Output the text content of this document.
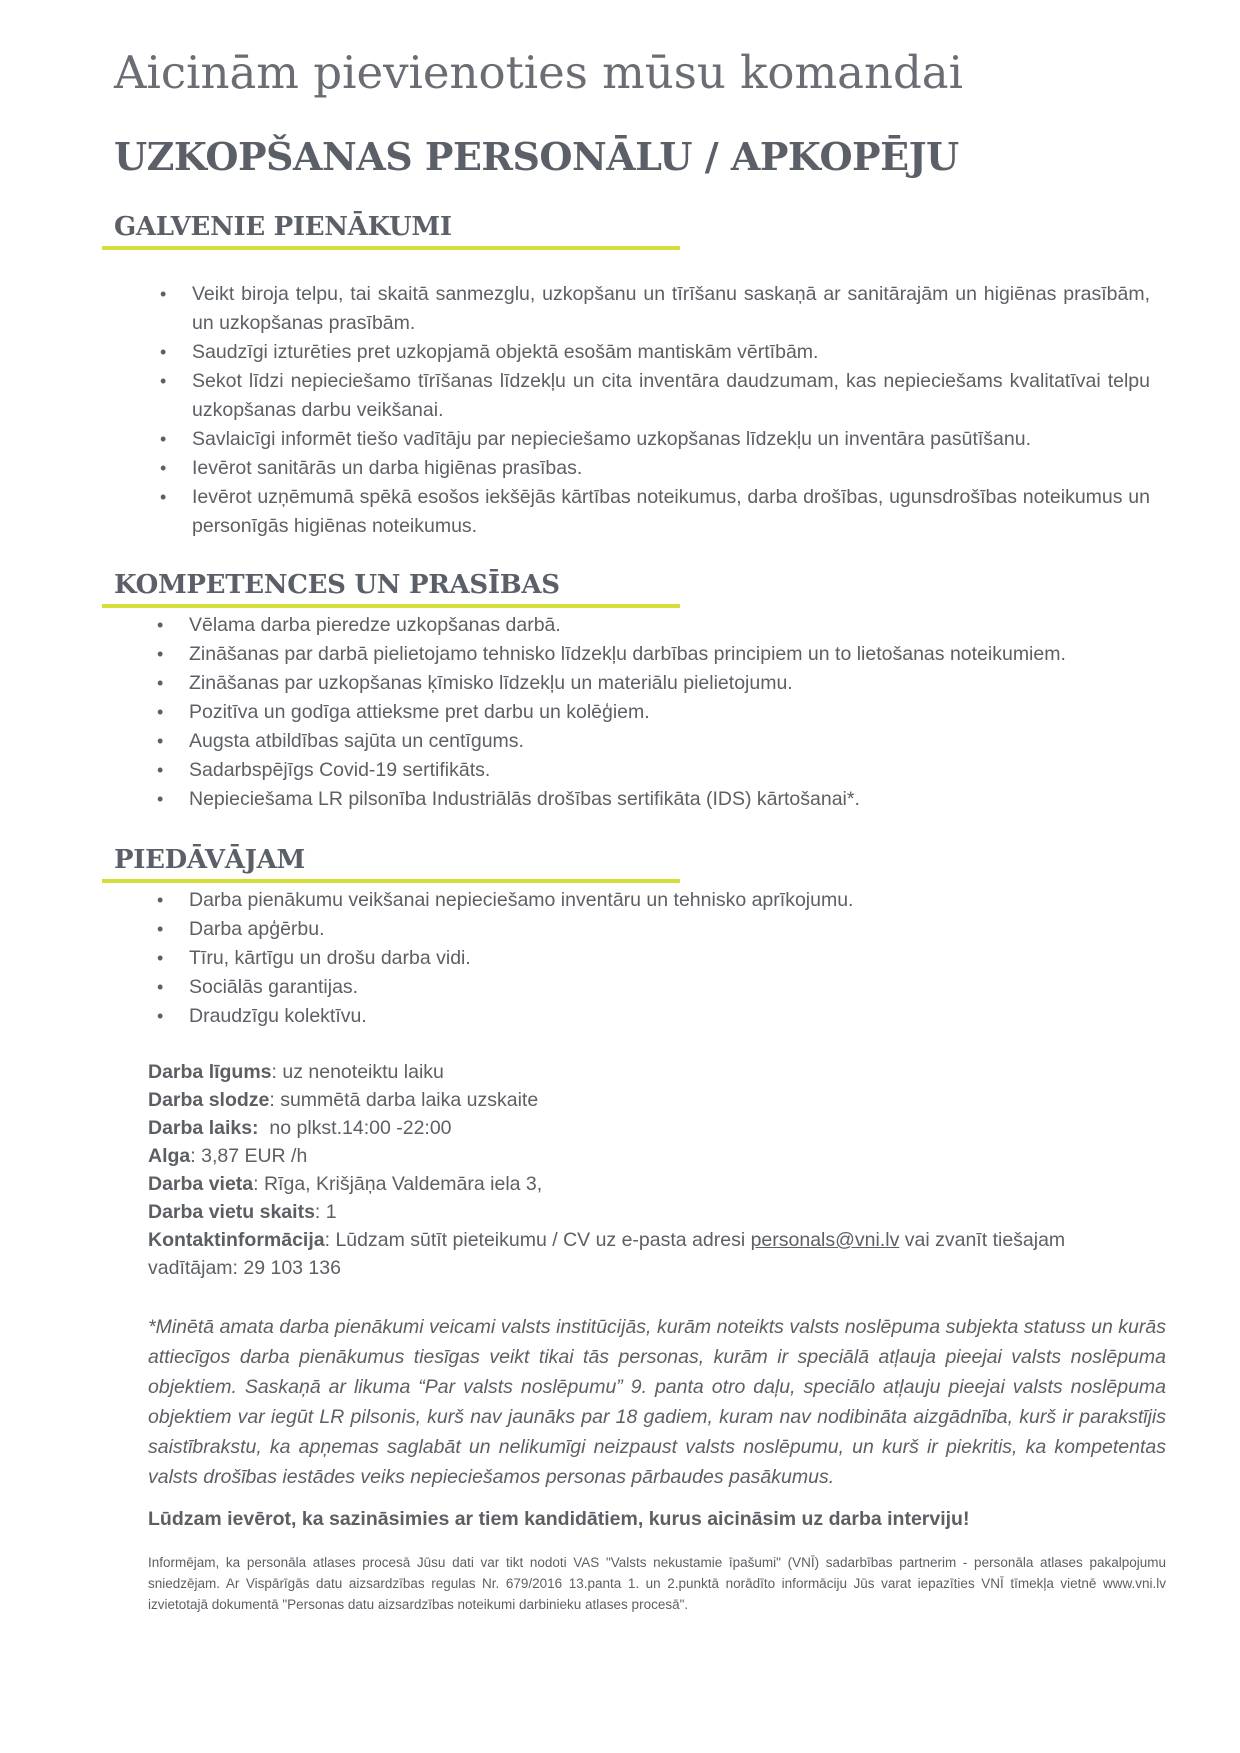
Aicinām pievienoties mūsu komandai
UZKOPŠANAS PERSONĀLU / APKOPĒJU
GALVENIE PIENĀKUMI
• Veikt biroja telpu, tai skaitā sanmezglu, uzkopšanu un tīrīšanu saskaņā ar sanitārajām un higiēnas prasībām, un uzkopšanas prasībām.
• Saudzīgi izturēties pret uzkopjamā objektā esošām mantiskām vērtībām.
• Sekot līdzi nepieciešamo tīrīšanas līdzekļu un cita inventāra daudzumam, kas nepieciešams kvalitatīvai telpu uzkopšanas darbu veikšanai.
• Savlaicīgi informēt tiešo vadītāju par nepieciešamo uzkopšanas līdzekļu un inventāra pasūtīšanu.
• Ievērot sanitārās un darba higiēnas prasības.
• Ievērot uzņēmumā spēkā esošos iekšējās kārtības noteikumus, darba drošības, ugunsdrošības noteikumus un personīgās higiēnas noteikumus.
KOMPETENCES UN PRASĪBAS
• Vēlama darba pieredze uzkopšanas darbā.
• Zināšanas par darbā pielietojamo tehnisko līdzekļu darbības principiem un to lietošanas noteikumiem.
• Zināšanas par uzkopšanas ķīmisko līdzekļu un materiālu pielietojumu.
• Pozitīva un godīga attieksme pret darbu un kolēģiem.
• Augsta atbildības sajūta un centīgums.
• Sadarbspējīgs Covid-19 sertifikāts.
• Nepieciešama LR pilsonība Industriālās drošības sertifikāta (IDS) kārtošanai*.
PIEDĀVĀJAM
• Darba pienākumu veikšanai nepieciešamo inventāru un tehnisko aprīkojumu.
• Darba apģērbu.
• Tīru, kārtīgu un drošu darba vidi.
• Sociālās garantijas.
• Draudzīgu kolektīvu.
Darba līgums: uz nenoteiktu laiku
Darba slodze: summētā darba laika uzskaite
Darba laiks:  no plkst.14:00 -22:00
Alga: 3,87 EUR /h
Darba vieta: Rīga, Krišjāņa Valdemāra iela 3,
Darba vietu skaits: 1
Kontaktinformācija: Lūdzam sūtīt pieteikumu / CV uz e-pasta adresi personals@vni.lv vai zvanīt tiešajam vadītājam: 29 103 136
*Minētā amata darba pienākumi veicami valsts institūcijās, kurām noteikts valsts noslēpuma subjekta statuss un kurās attiecīgos darba pienākumus tiesīgas veikt tikai tās personas, kurām ir speciālā atļauja pieejai valsts noslēpuma objektiem. Saskaņā ar likuma “Par valsts noslēpumu” 9. panta otro daļu, speciālo atļauju pieejai valsts noslēpuma objektiem var iegūt LR pilsonis, kurš nav jaunāks par 18 gadiem, kuram nav nodibināta aizgādnība, kurš ir parakstījis saistībrakstu, ka apņemas saglabāt un nelikumīgi neizpaust valsts noslēpumu, un kurš ir piekritis, ka kompetentas valsts drošības iestādes veiks nepieciešamos personas pārbaudes pasākumus.
Lūdzam ievērot, ka sazināsimies ar tiem kandidātiem, kurus aicināsim uz darba interviju!
Informējam, ka personāla atlases procesā Jūsu dati var tikt nodoti VAS "Valsts nekustamie īpašumi" (VNĪ) sadarbības partnerim - personāla atlases pakalpojumu sniedzējam. Ar Vispārīgās datu aizsardzības regulas Nr. 679/2016 13.panta 1. un 2.punktā norādīto informāciju Jūs varat iepazīties VNĪ tīmekļa vietnē www.vni.lv izvietotajā dokumentā "Personas datu aizsardzības noteikumi darbinieku atlases procesā".
